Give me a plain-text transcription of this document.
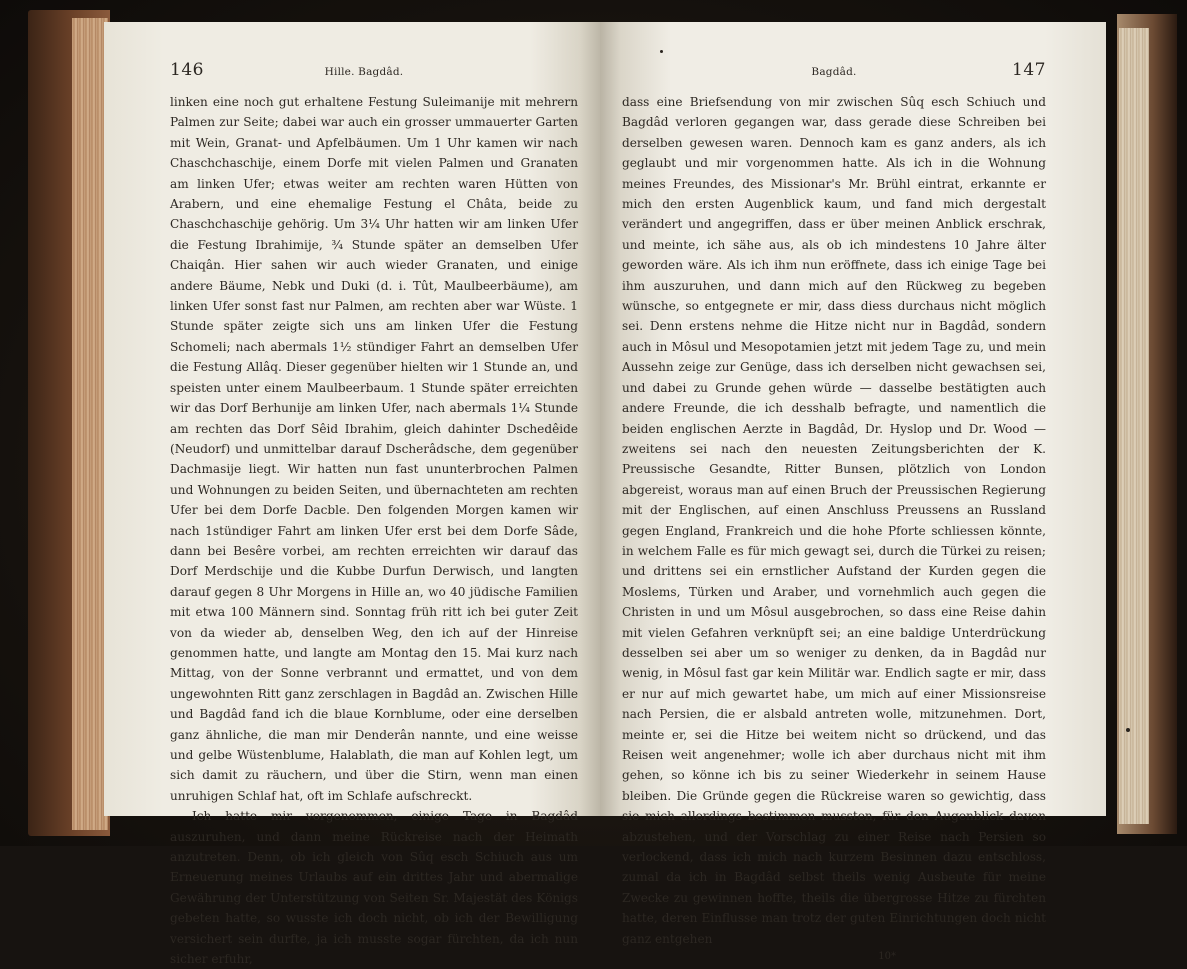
146	Hille. Bagdâd.

linken eine noch gut erhaltene Festung Suleimanije mit mehrern Palmen zur Seite; dabei war auch ein grosser ummauerter Garten mit Wein, Granat- und Apfelbäumen. Um 1 Uhr kamen wir nach Chaschchaschije, einem Dorfe mit vielen Palmen und Granaten am linken Ufer; etwas weiter am rechten waren Hütten von Arabern, und eine ehemalige Festung el Châta, beide zu Chaschchaschije gehörig. Um 3¼ Uhr hatten wir am linken Ufer die Festung Ibrahimije, ¾ Stunde später an demselben Ufer Chaiqân. Hier sahen wir auch wieder Granaten, und einige andere Bäume, Nebk und Duki (d. i. Tût, Maulbeerbäume), am linken Ufer sonst fast nur Palmen, am rechten aber war Wüste. 1 Stunde später zeigte sich uns am linken Ufer die Festung Schomeli; nach abermals 1½ stündiger Fahrt an demselben Ufer die Festung Allâq. Dieser gegenüber hielten wir 1 Stunde an, und speisten unter einem Maulbeerbaum. 1 Stunde später erreichten wir das Dorf Berhunije am linken Ufer, nach abermals 1¼ Stunde am rechten das Dorf Sêid Ibrahim, gleich dahinter Dschedêide (Neudorf) und unmittelbar darauf Dscherâdsche, dem gegenüber Dachmasije liegt. Wir hatten nun fast ununterbrochen Palmen und Wohnungen zu beiden Seiten, und übernachteten am rechten Ufer bei dem Dorfe Dacble. Den folgenden Morgen kamen wir nach 1stündiger Fahrt am linken Ufer erst bei dem Dorfe Sâde, dann bei Besêre vorbei, am rechten erreichten wir darauf das Dorf Merdschije und die Kubbe Durfun Derwisch, und langten darauf gegen 8 Uhr Morgens in Hille an, wo 40 jüdische Familien mit etwa 100 Männern sind. Sonntag früh ritt ich bei guter Zeit von da wieder ab, denselben Weg, den ich auf der Hinreise genommen hatte, und langte am Montag den 15. Mai kurz nach Mittag, von der Sonne verbrannt und ermattet, und von dem ungewohnten Ritt ganz zerschlagen in Bagdâd an. Zwischen Hille und Bagdâd fand ich die blaue Kornblume, oder eine derselben ganz ähnliche, die man mir Denderân nannte, und eine weisse und gelbe Wüstenblume, Halablath, die man auf Kohlen legt, um sich damit zu räuchern, und über die Stirn, wenn man einen unruhigen Schlaf hat, oft im Schlafe aufschreckt.

Ich hatte mir vorgenommen, einige Tage in Bagdâd auszuruhen, und dann meine Rückreise nach der Heimath anzutreten. Denn, ob ich gleich von Sûq esch Schiuch aus um Erneuerung meines Urlaubs auf ein drittes Jahr und abermalige Gewährung der Unterstützung von Seiten Sr. Majestät des Königs gebeten hatte, so wusste ich doch nicht, ob ich der Bewilligung versichert sein durfte, ja ich musste sogar fürchten, da ich nun sicher erfuhr,

Bagdâd.	147

dass eine Briefsendung von mir zwischen Sûq esch Schiuch und Bagdâd verloren gegangen war, dass gerade diese Schreiben bei derselben gewesen waren. Dennoch kam es ganz anders, als ich geglaubt und mir vorgenommen hatte. Als ich in die Wohnung meines Freundes, des Missionar's Mr. Brühl eintrat, erkannte er mich den ersten Augenblick kaum, und fand mich dergestalt verändert und angegriffen, dass er über meinen Anblick erschrak, und meinte, ich sähe aus, als ob ich mindestens 10 Jahre älter geworden wäre. Als ich ihm nun eröffnete, dass ich einige Tage bei ihm auszuruhen, und dann mich auf den Rückweg zu begeben wünsche, so entgegnete er mir, dass diess durchaus nicht möglich sei. Denn erstens nehme die Hitze nicht nur in Bagdâd, sondern auch in Môsul und Mesopotamien jetzt mit jedem Tage zu, und mein Aussehn zeige zur Genüge, dass ich derselben nicht gewachsen sei, und dabei zu Grunde gehen würde — dasselbe bestätigten auch andere Freunde, die ich desshalb befragte, und namentlich die beiden englischen Aerzte in Bagdâd, Dr. Hyslop und Dr. Wood — zweitens sei nach den neuesten Zeitungsberichten der K. Preussische Gesandte, Ritter Bunsen, plötzlich von London abgereist, woraus man auf einen Bruch der Preussischen Regierung mit der Englischen, auf einen Anschluss Preussens an Russland gegen England, Frankreich und die hohe Pforte schliessen könnte, in welchem Falle es für mich gewagt sei, durch die Türkei zu reisen; und drittens sei ein ernstlicher Aufstand der Kurden gegen die Moslems, Türken und Araber, und vornehmlich auch gegen die Christen in und um Môsul ausgebrochen, so dass eine Reise dahin mit vielen Gefahren verknüpft sei; an eine baldige Unterdrückung desselben sei aber um so weniger zu denken, da in Bagdâd nur wenig, in Môsul fast gar kein Militär war. Endlich sagte er mir, dass er nur auf mich gewartet habe, um mich auf einer Missionsreise nach Persien, die er alsbald antreten wolle, mitzunehmen. Dort, meinte er, sei die Hitze bei weitem nicht so drückend, und das Reisen weit angenehmer; wolle ich aber durchaus nicht mit ihm gehen, so könne ich bis zu seiner Wiederkehr in seinem Hause bleiben. Die Gründe gegen die Rückreise waren so gewichtig, dass sie mich allerdings bestimmen mussten, für den Augenblick davon abzustehen, und der Vorschlag zu einer Reise nach Persien so verlockend, dass ich mich nach kurzem Besinnen dazu entschloss, zumal da ich in Bagdâd selbst theils wenig Ausbeute für meine Zwecke zu gewinnen hoffte, theils die übergrosse Hitze zu fürchten hatte, deren Einflusse man trotz der guten Einrichtungen doch nicht ganz entgehen

10*
